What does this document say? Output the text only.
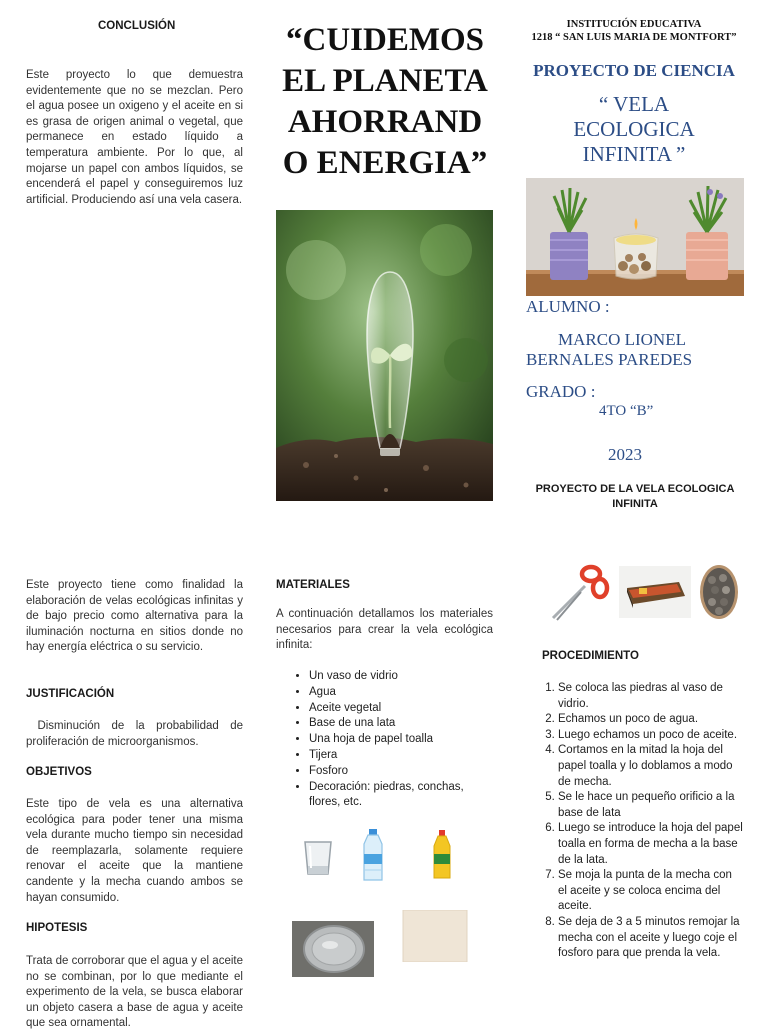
CONCLUSIÓN
Este proyecto lo que demuestra evidentemente que no se mezclan. Pero el agua posee un oxigeno y el aceite en si es grasa de origen animal o vegetal, que permanece en estado líquido a temperatura ambiente. Por lo que, al mojarse un papel con ambos líquidos, se encenderá el papel y conseguiremos luz artificial. Produciendo así una vela casera.
“CUIDEMOS
EL PLANETA
AHORRAND
O ENERGIA”
INSTITUCIÓN EDUCATIVA
1218 “ SAN LUIS MARIA DE MONTFORT”
PROYECTO DE CIENCIA
“ VELA
ECOLOGICA
INFINITA ”
ALUMNO :
MARCO LIONEL
BERNALES PAREDES
GRADO :
4TO “B”
2023
PROYECTO DE LA VELA ECOLOGICA
INFINITA
Este proyecto tiene como finalidad la elaboración de velas ecológicas infinitas y de bajo precio como alternativa para la iluminación nocturna en sitios donde no hay energía eléctrica o su servicio.
JUSTIFICACIÓN
Disminución de la probabilidad de proliferación de microorganismos.
OBJETIVOS
Este tipo de vela es una alternativa ecológica para poder tener una misma vela durante mucho tiempo sin necesidad de reemplazarla, solamente requiere renovar el aceite que la mantiene candente y la mecha cuando ambos se hayan consumido.
HIPOTESIS
Trata de corroborar que el agua y el aceite no se combinan, por lo que mediante el experimento de la vela, se busca elaborar un objeto casera a base de agua y aceite que sea ornamental.
MATERIALES
A continuación detallamos los materiales necesarios para crear la vela ecológica infinita:
• Un vaso de vidrio
• Agua
• Aceite vegetal
• Base de una lata
• Una hoja de papel toalla
• Tijera
• Fosforo
• Decoración: piedras, conchas, flores, etc.
PROCEDIMIENTO
1. Se coloca las piedras al vaso de vidrio.
2. Echamos un poco de agua.
3. Luego echamos un poco de aceite.
4. Cortamos en la mitad la hoja del papel toalla y lo doblamos a modo de mecha.
5. Se le hace un pequeño orificio a la base de lata
6. Luego se introduce la hoja del papel toalla en forma de mecha a la base de la lata.
7. Se moja la punta de la mecha con el aceite y se coloca encima del aceite.
8. Se deja de 3 a 5 minutos remojar la mecha con el aceite y luego coje el fosforo para que prenda la vela.
